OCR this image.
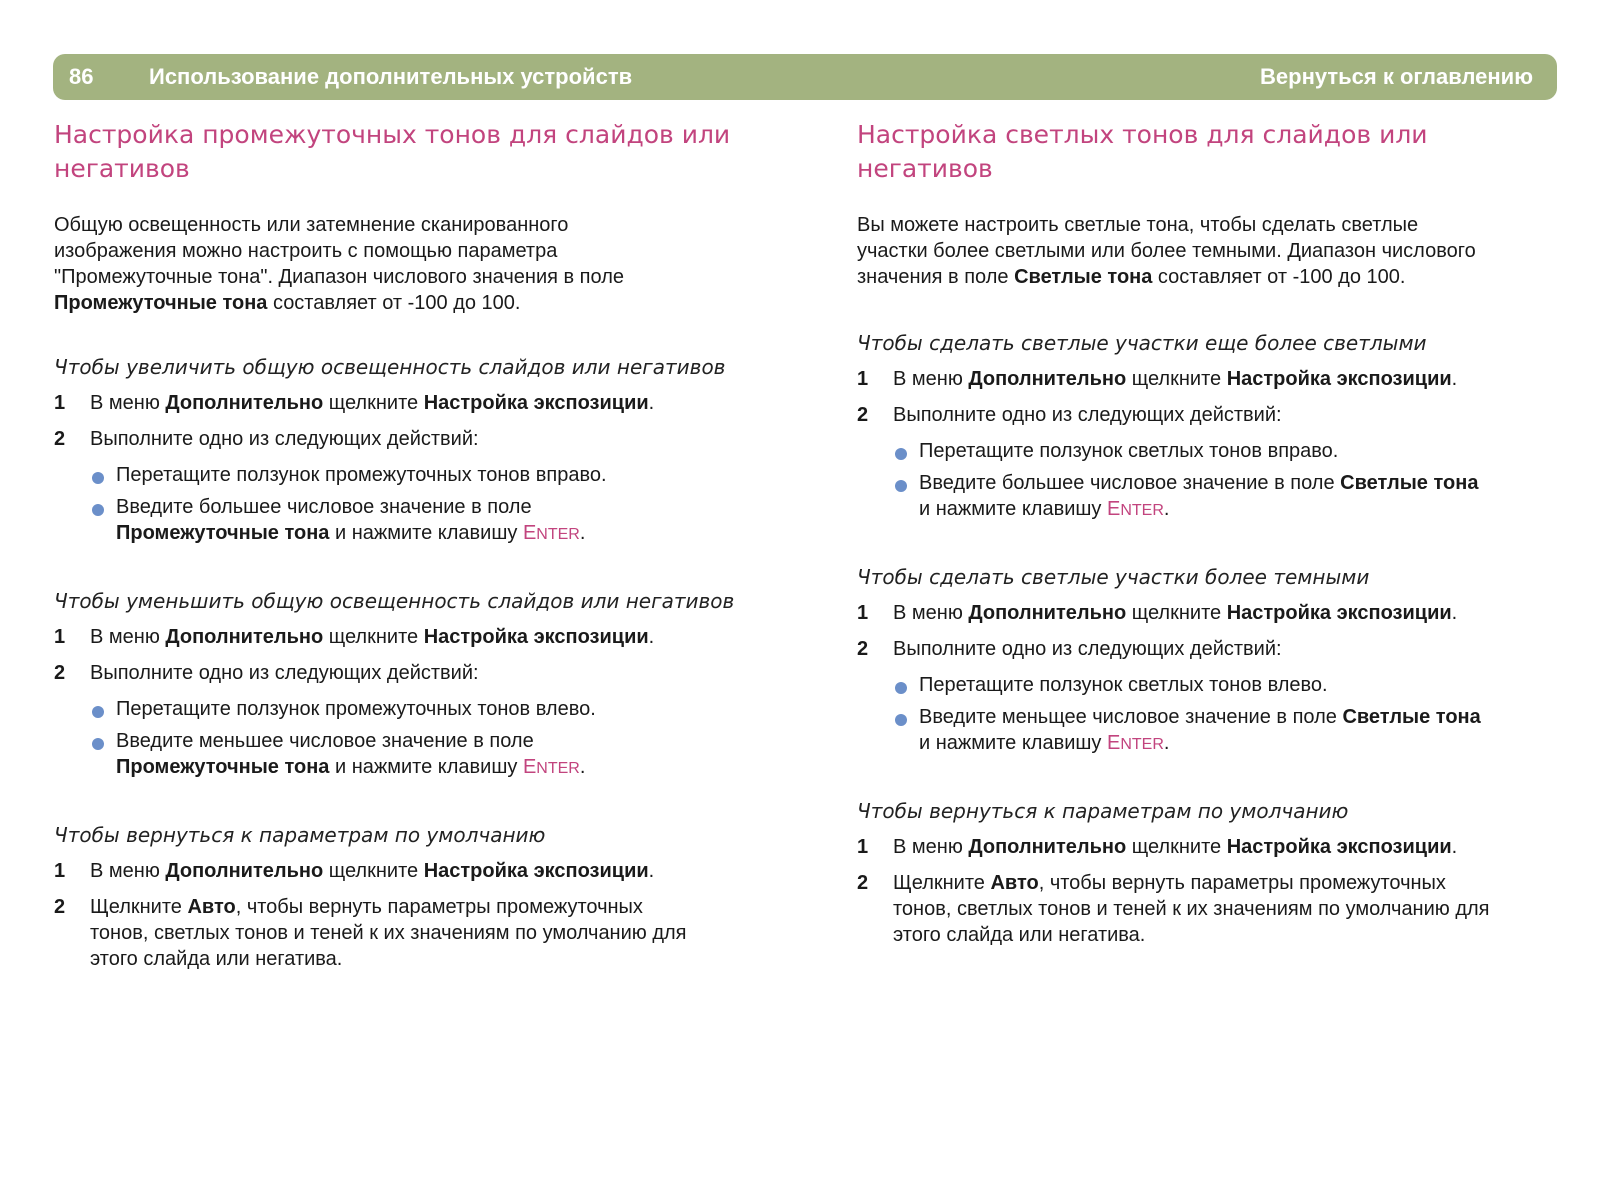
86	Использование дополнительных устройств	Вернуться к оглавлению
Настройка промежуточных тонов для слайдов или
негативов

Общую освещенность или затемнение сканированного
изображения можно настроить с помощью параметра
"Промежуточные тона". Диапазон числового значения в поле
Промежуточные тона составляет от -100 до 100.

Чтобы увеличить общую освещенность слайдов или негативов
1 В меню Дополнительно щелкните Настройка экспозиции.
2 Выполните одно из следующих действий:
Перетащите ползунок промежуточных тонов вправо.
Введите большее числовое значение в поле
Промежуточные тона и нажмите клавишу ENTER.
Чтобы уменьшить общую освещенность слайдов или негативов
1 В меню Дополнительно щелкните Настройка экспозиции.
2 Выполните одно из следующих действий:
Перетащите ползунок промежуточных тонов влево.
Введите меньшее числовое значение в поле
Промежуточные тона и нажмите клавишу ENTER.
Чтобы вернуться к параметрам по умолчанию
1 В меню Дополнительно щелкните Настройка экспозиции.
2 Щелкните Авто, чтобы вернуть параметры промежуточных
тонов, светлых тонов и теней к их значениям по умолчанию для
этого слайда или негатива.
Настройка светлых тонов для слайдов или негативов

Вы можете настроить светлые тона, чтобы сделать светлые
участки более светлыми или более темными. Диапазон числового
значения в поле Светлые тона составляет от -100 до 100.

Чтобы сделать светлые участки еще более светлыми
1 В меню Дополнительно щелкните Настройка экспозиции.
2 Выполните одно из следующих действий:
Перетащите ползунок светлых тонов вправо.
Введите большее числовое значение в поле Светлые тона
и нажмите клавишу ENTER.
Чтобы сделать светлые участки более темными
1 В меню Дополнительно щелкните Настройка экспозиции.
2 Выполните одно из следующих действий:
Перетащите ползунок светлых тонов влево.
Введите меньщее числовое значение в поле Светлые тона
и нажмите клавишу ENTER.
Чтобы вернуться к параметрам по умолчанию
1 В меню Дополнительно щелкните Настройка экспозиции.
2 Щелкните Авто, чтобы вернуть параметры промежуточных
тонов, светлых тонов и теней к их значениям по умолчанию для
этого слайда или негатива.
